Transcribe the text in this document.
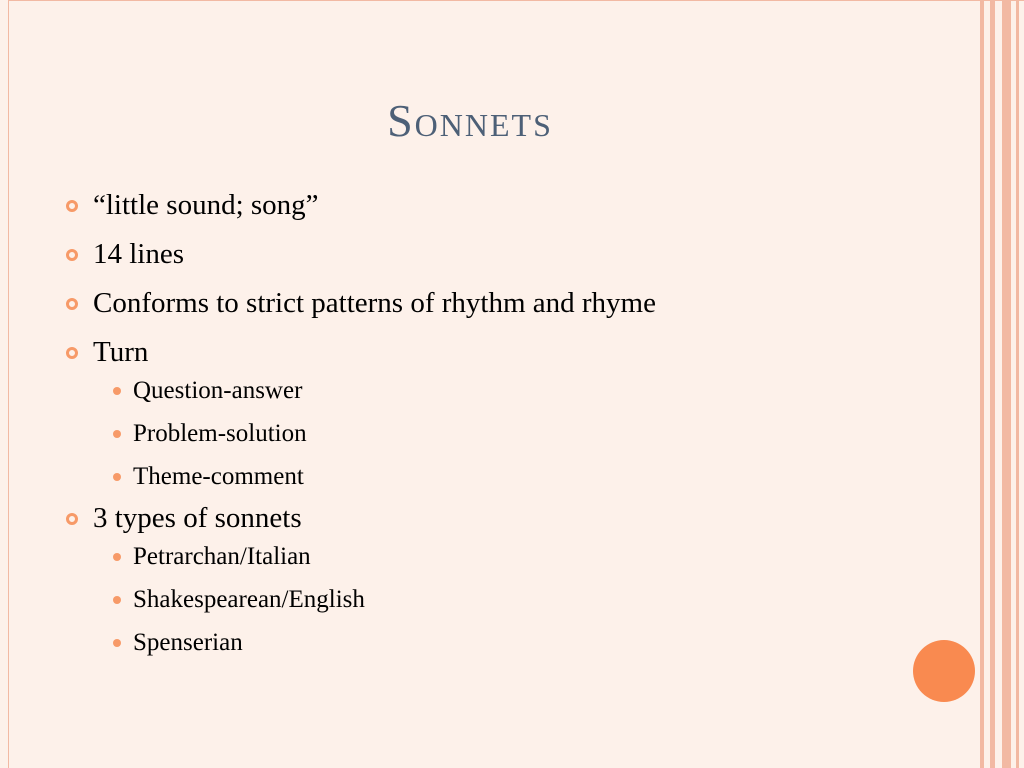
Sonnets
“little sound; song”
14 lines
Conforms to strict patterns of rhythm and rhyme
Turn
Question-answer
Problem-solution
Theme-comment
3 types of sonnets
Petrarchan/Italian
Shakespearean/English
Spenserian
